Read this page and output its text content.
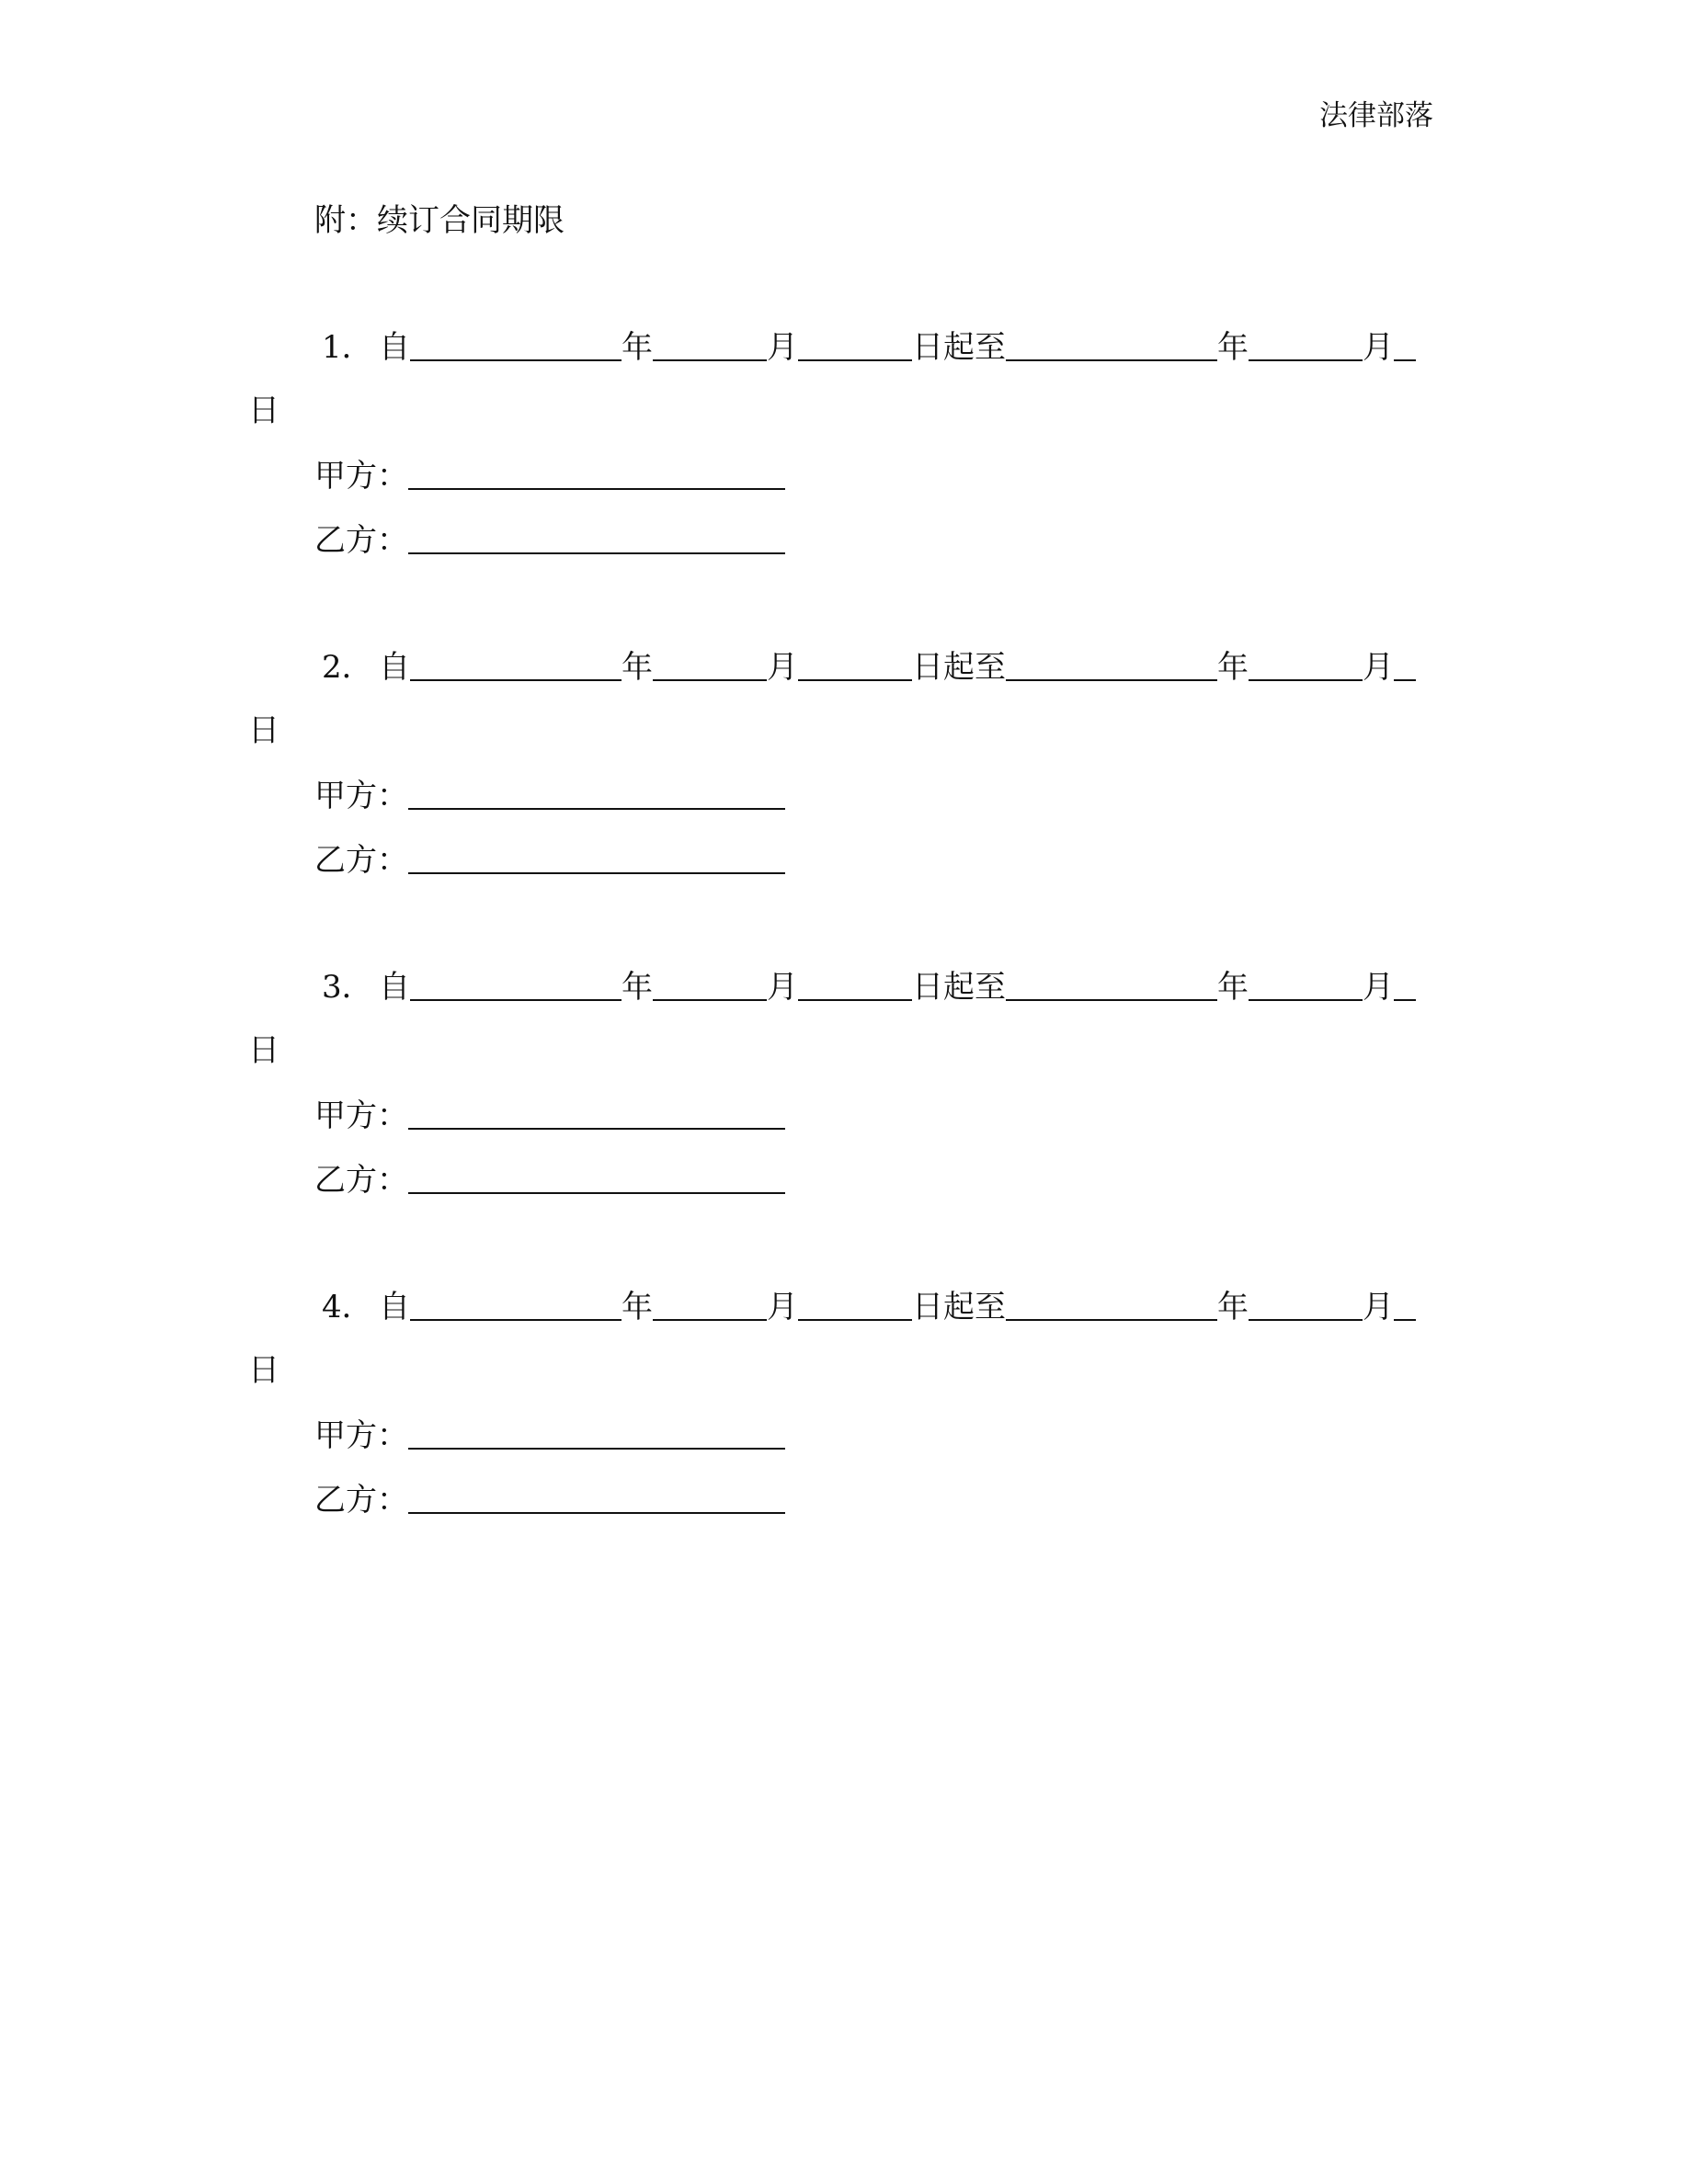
法律部落
附：续订合同期限
1． 自	年	月	日起至	年	月
日
甲方：
乙方：
2． 自	年	月	日起至	年	月
日
甲方：
乙方：
3． 自	年	月	日起至	年	月
日
甲方：
乙方：
4． 自	年	月	日起至	年	月
日
甲方：
乙方：
